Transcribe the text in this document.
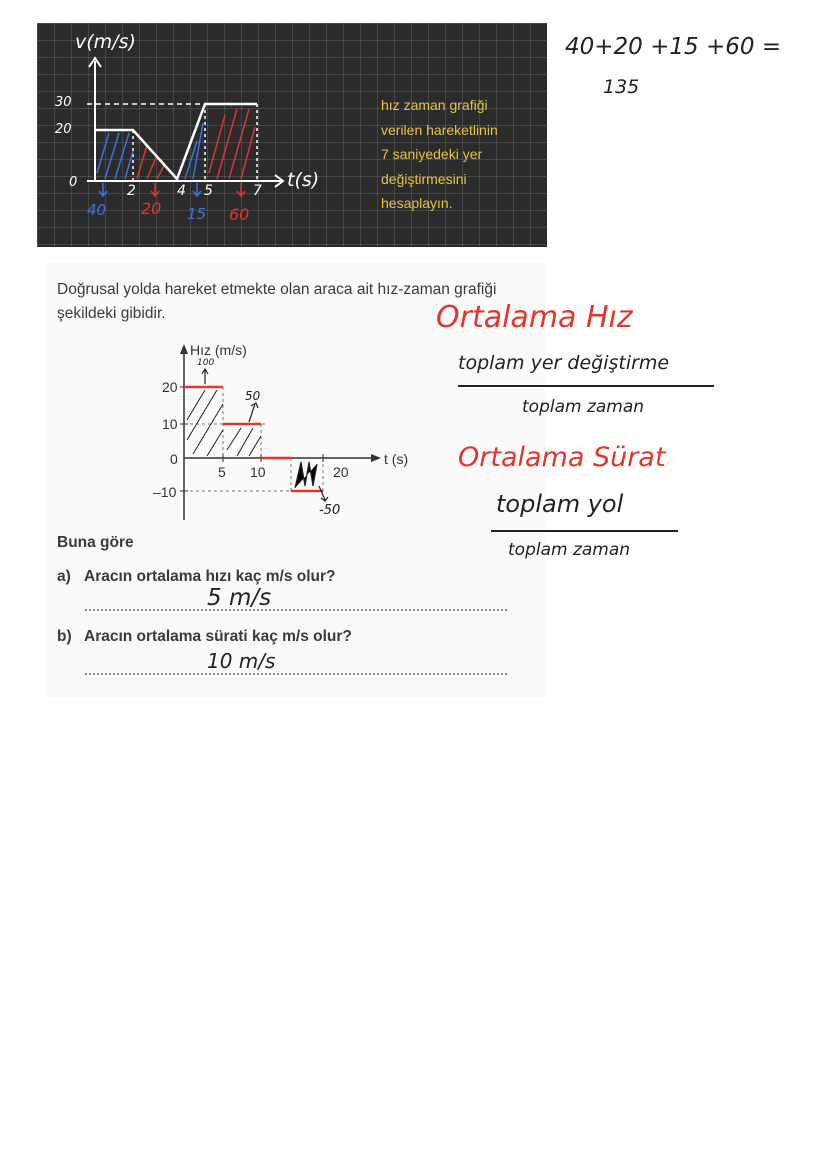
v(m/s)
t(s)
30
20
0
2	4 5	7
40 20 15 60
hız zaman grafiği
verilen hareketlinin
7 saniyedeki yer
değiştirmesini
hesaplayın.
40+20 +15 +60 =
135
Doğrusal yolda hareket etmekte olan araca ait hız-zaman grafiği şekildeki gibidir.
Hız (m/s)
t (s)
20
10
0
–10
5 10	20
100
50
-50
Buna göre
a) Aracın ortalama hızı kaç m/s olur?
5 m/s
b) Aracın ortalama sürati kaç m/s olur?
10 m/s
Ortalama Hız
toplam yer değiştirme
toplam zaman
Ortalama Sürat
toplam yol
toplam zaman
